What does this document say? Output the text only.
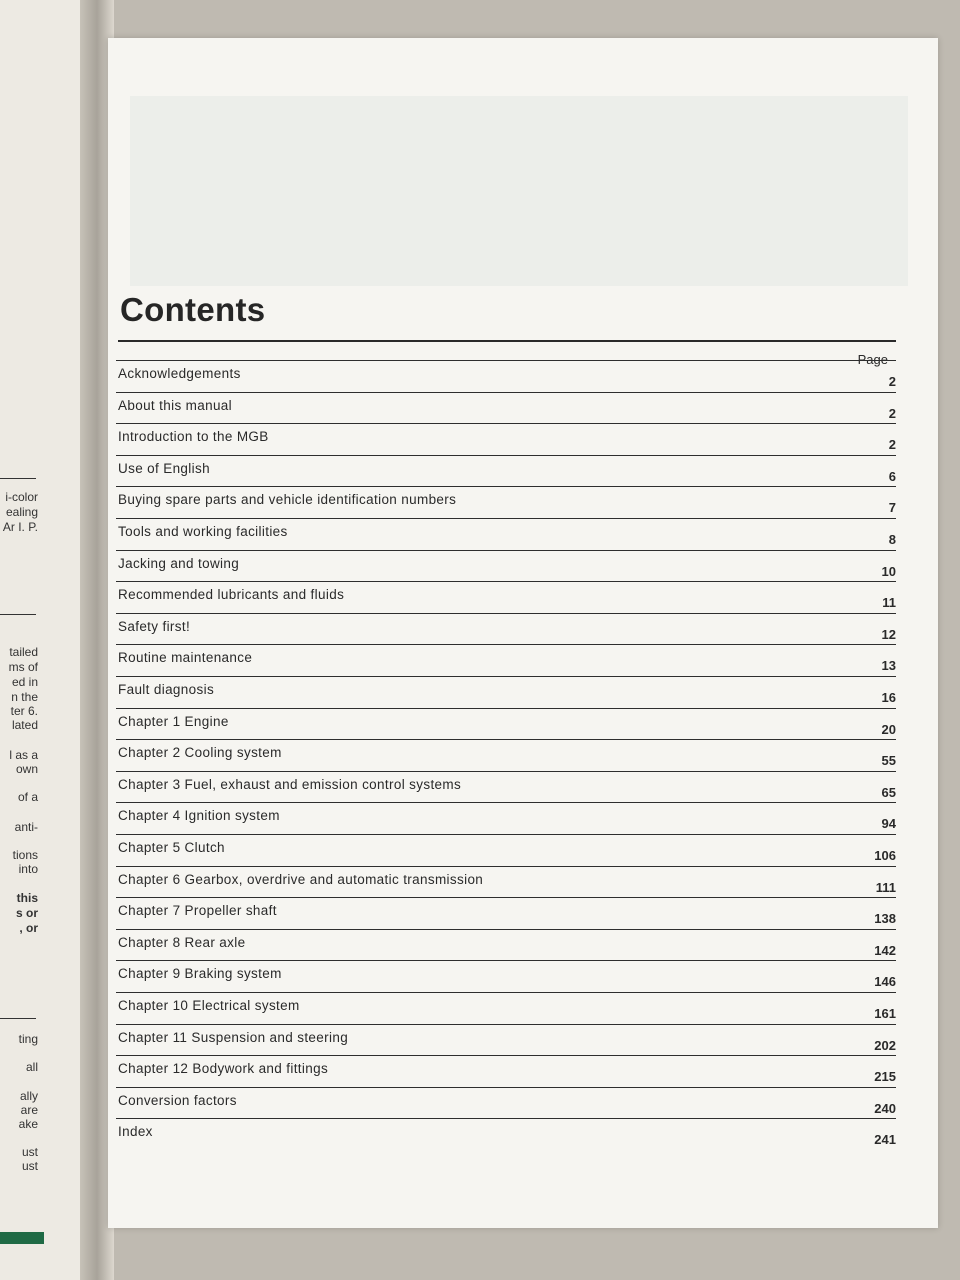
i-color
ealing
Ar I. P.
tailed
ms of
ed in
n the
ter 6.
lated
l as a
own
of a
anti-
tions
into
this
s or
, or
ting
all
ally
are
ake
ust
ust
Contents
Page
Acknowledgements
2
About this manual
2
Introduction to the MGB
2
Use of English
6
Buying spare parts and vehicle identification numbers
7
Tools and working facilities
8
Jacking and towing
10
Recommended lubricants and fluids
11
Safety first!
12
Routine maintenance
13
Fault diagnosis
16
Chapter 1 Engine
20
Chapter 2 Cooling system
55
Chapter 3 Fuel, exhaust and emission control systems
65
Chapter 4 Ignition system
94
Chapter 5 Clutch
106
Chapter 6 Gearbox, overdrive and automatic transmission
111
Chapter 7 Propeller shaft
138
Chapter 8 Rear axle
142
Chapter 9 Braking system
146
Chapter 10 Electrical system
161
Chapter 11 Suspension and steering
202
Chapter 12 Bodywork and fittings
215
Conversion factors
240
Index
241
